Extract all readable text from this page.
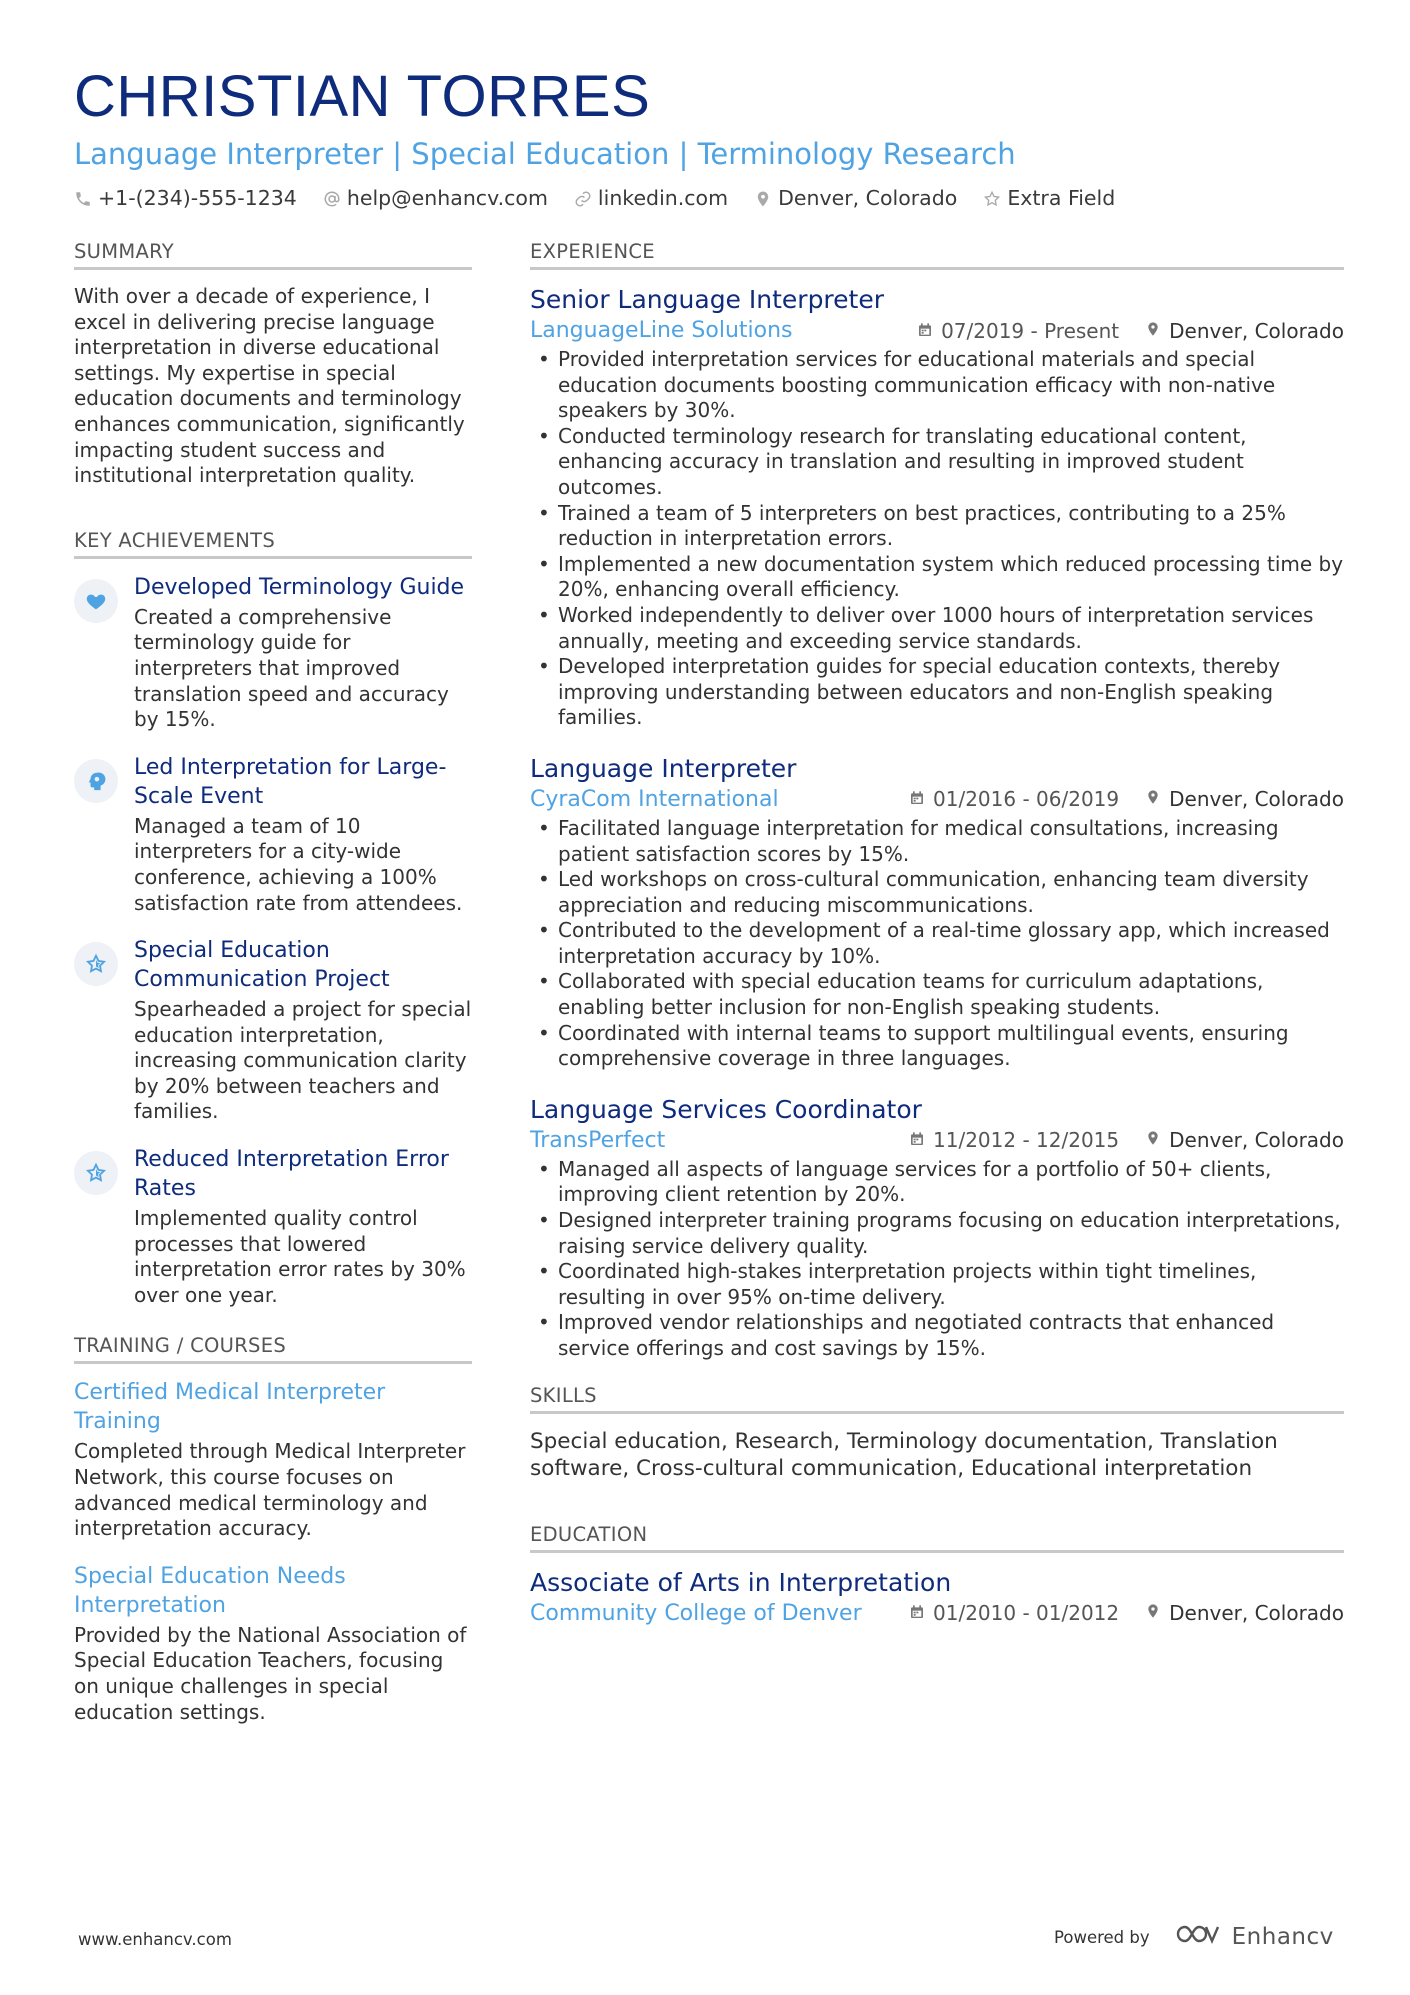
CHRISTIAN TORRES
Language Interpreter | Special Education | Terminology Research
+1-(234)-555-1234 help@enhancv.com linkedin.com Denver, Colorado Extra Field
SUMMARY
With over a decade of experience, I excel in delivering precise language interpretation in diverse educational settings. My expertise in special education documents and terminology enhances communication, significantly impacting student success and institutional interpretation quality.
KEY ACHIEVEMENTS
Developed Terminology Guide
Created a comprehensive terminology guide for interpreters that improved translation speed and accuracy by 15%.
Led Interpretation for Large-Scale Event
Managed a team of 10 interpreters for a city-wide conference, achieving a 100% satisfaction rate from attendees.
Special Education Communication Project
Spearheaded a project for special education interpretation, increasing communication clarity by 20% between teachers and families.
Reduced Interpretation Error Rates
Implemented quality control processes that lowered interpretation error rates by 30% over one year.
TRAINING / COURSES
Certified Medical Interpreter Training
Completed through Medical Interpreter Network, this course focuses on advanced medical terminology and interpretation accuracy.
Special Education Needs Interpretation
Provided by the National Association of Special Education Teachers, focusing on unique challenges in special education settings.
EXPERIENCE
Senior Language Interpreter
LanguageLine Solutions	07/2019 - Present	Denver, Colorado
• Provided interpretation services for educational materials and special education documents boosting communication efficacy with non-native speakers by 30%.
• Conducted terminology research for translating educational content, enhancing accuracy in translation and resulting in improved student outcomes.
• Trained a team of 5 interpreters on best practices, contributing to a 25% reduction in interpretation errors.
• Implemented a new documentation system which reduced processing time by 20%, enhancing overall efficiency.
• Worked independently to deliver over 1000 hours of interpretation services annually, meeting and exceeding service standards.
• Developed interpretation guides for special education contexts, thereby improving understanding between educators and non-English speaking families.
Language Interpreter
CyraCom International	01/2016 - 06/2019	Denver, Colorado
• Facilitated language interpretation for medical consultations, increasing patient satisfaction scores by 15%.
• Led workshops on cross-cultural communication, enhancing team diversity appreciation and reducing miscommunications.
• Contributed to the development of a real-time glossary app, which increased interpretation accuracy by 10%.
• Collaborated with special education teams for curriculum adaptations, enabling better inclusion for non-English speaking students.
• Coordinated with internal teams to support multilingual events, ensuring comprehensive coverage in three languages.
Language Services Coordinator
TransPerfect	11/2012 - 12/2015	Denver, Colorado
• Managed all aspects of language services for a portfolio of 50+ clients, improving client retention by 20%.
• Designed interpreter training programs focusing on education interpretations, raising service delivery quality.
• Coordinated high-stakes interpretation projects within tight timelines, resulting in over 95% on-time delivery.
• Improved vendor relationships and negotiated contracts that enhanced service offerings and cost savings by 15%.
SKILLS
Special education, Research, Terminology documentation, Translation software, Cross-cultural communication, Educational interpretation
EDUCATION
Associate of Arts in Interpretation
Community College of Denver	01/2010 - 01/2012	Denver, Colorado
www.enhancv.com	Powered by	Enhancv
